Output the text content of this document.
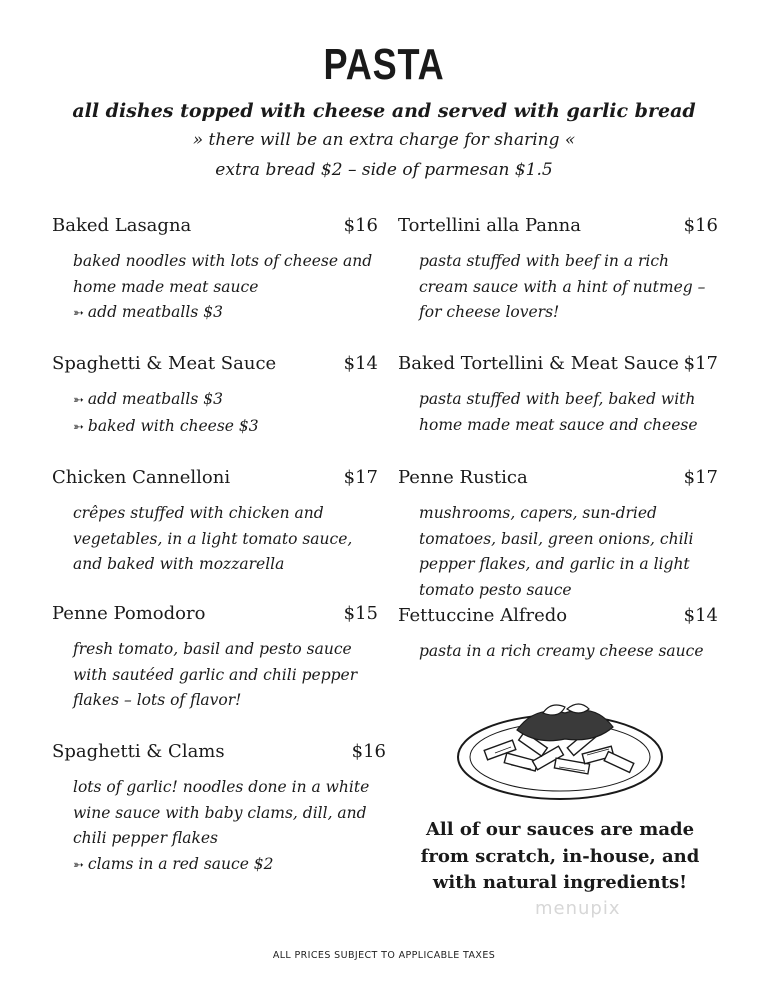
PASTA
all dishes topped with cheese and served with garlic bread
» there will be an extra charge for sharing «
extra bread $2 – side of parmesan $1.5
Baked Lasagna	$16
baked noodles with lots of cheese and home made meat sauce
➳ add meatballs $3
Spaghetti & Meat Sauce	$14
➳ add meatballs $3
➳ baked with cheese $3
Chicken Cannelloni	$17
crêpes stuffed with chicken and vegetables, in a light tomato sauce, and baked with mozzarella
Penne Pomodoro	$15
fresh tomato, basil and pesto sauce with sautéed garlic and chili pepper flakes – lots of flavor!
Spaghetti & Clams	$16
lots of garlic! noodles done in a white wine sauce with baby clams, dill, and chili pepper flakes
➳ clams in a red sauce $2
Tortellini alla Panna	$16
pasta stuffed with beef in a rich cream sauce with a hint of nutmeg – for cheese lovers!
Baked Tortellini & Meat Sauce $17
pasta stuffed with beef, baked with home made meat sauce and cheese
Penne Rustica	$17
mushrooms, capers, sun-dried tomatoes, basil, green onions, chili pepper flakes, and garlic in a light tomato pesto sauce
Fettuccine Alfredo	$14
pasta in a rich creamy cheese sauce
All of our sauces are made from scratch, in-house, and with natural ingredients!
menupix
ALL PRICES SUBJECT TO APPLICABLE TAXES
